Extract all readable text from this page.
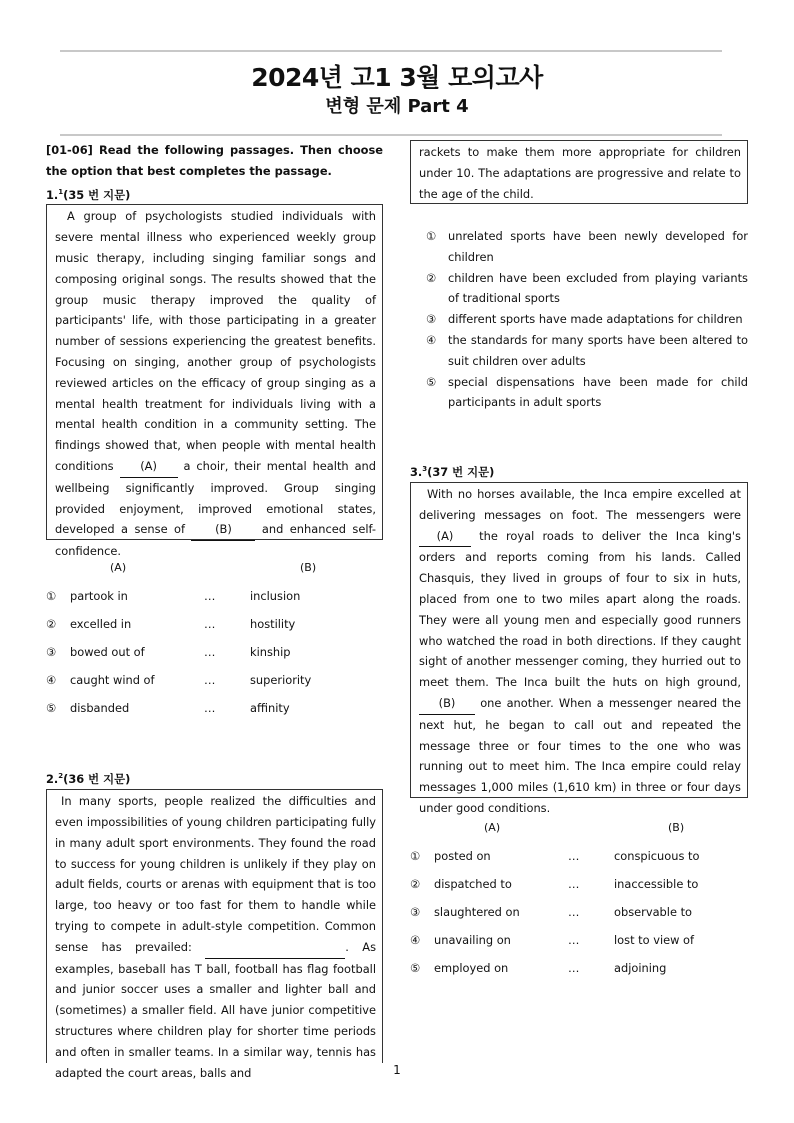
2024년 고1 3월 모의고사
변형 문제 Part 4
[01-06] Read the following passages. Then choose the option that best completes the passage.
1.$^1$(35 번 지문)
A group of psychologists studied individuals with severe mental illness who experienced weekly group music therapy, including singing familiar songs and composing original songs. The results showed that the group music therapy improved the quality of participants' life, with those participating in a greater number of sessions experiencing the greatest benefits. Focusing on singing, another group of psychologists reviewed articles on the efficacy of group singing as a mental health treatment for individuals living with a mental health condition in a community setting. The findings showed that, when people with mental health conditions (A) a choir, their mental health and wellbeing significantly improved. Group singing provided enjoyment, improved emotional states, developed a sense of	(B)	and enhanced self-confidence.
(A)	(B)
①	partook in	…	inclusion
②	excelled in	…	hostility
③	bowed out of	…	kinship
④	caught wind of	…	superiority
⑤	disbanded	…	affinity
2.$^2$(36 번 지문)
In many sports, people realized the difficulties and even impossibilities of young children participating fully in many adult sport environments. They found the road to success for young children is unlikely if they play on adult fields, courts or arenas with equipment that is too large, too heavy or too fast for them to handle while trying to compete in adult-style competition. Common sense has prevailed:	. As examples, baseball has T ball, football has flag football and junior soccer uses a smaller and lighter ball and (sometimes) a smaller field. All have junior competitive structures where children play for shorter time periods and often in smaller teams. In a similar way, tennis has adapted the court areas, balls and
rackets to make them more appropriate for children under 10. The adaptations are progressive and relate to the age of the child.
①	unrelated sports have been newly developed for children
②	children have been excluded from playing variants of traditional sports
③	different sports have made adaptations for children
④	the standards for many sports have been altered to suit children over adults
⑤	special dispensations have been made for child participants in adult sports
3.$^3$(37 번 지문)
With no horses available, the Inca empire excelled at delivering messages on foot. The messengers were (A) the royal roads to deliver the Inca king's orders and reports coming from his lands. Called Chasquis, they lived in groups of four to six in huts, placed from one to two miles apart along the roads. They were all young men and especially good runners who watched the road in both directions. If they caught sight of another messenger coming, they hurried out to meet them. The Inca built the huts on high ground, (B) one another. When a messenger neared the next hut, he began to call out and repeated the message three or four times to the one who was running out to meet him. The Inca empire could relay messages 1,000 miles (1,610 km) in three or four days under good conditions.
(A)	(B)
①	posted on	…	conspicuous to
②	dispatched to	…	inaccessible to
③	slaughtered on	…	observable to
④	unavailing on	…	lost to view of
⑤	employed on	…	adjoining
1
